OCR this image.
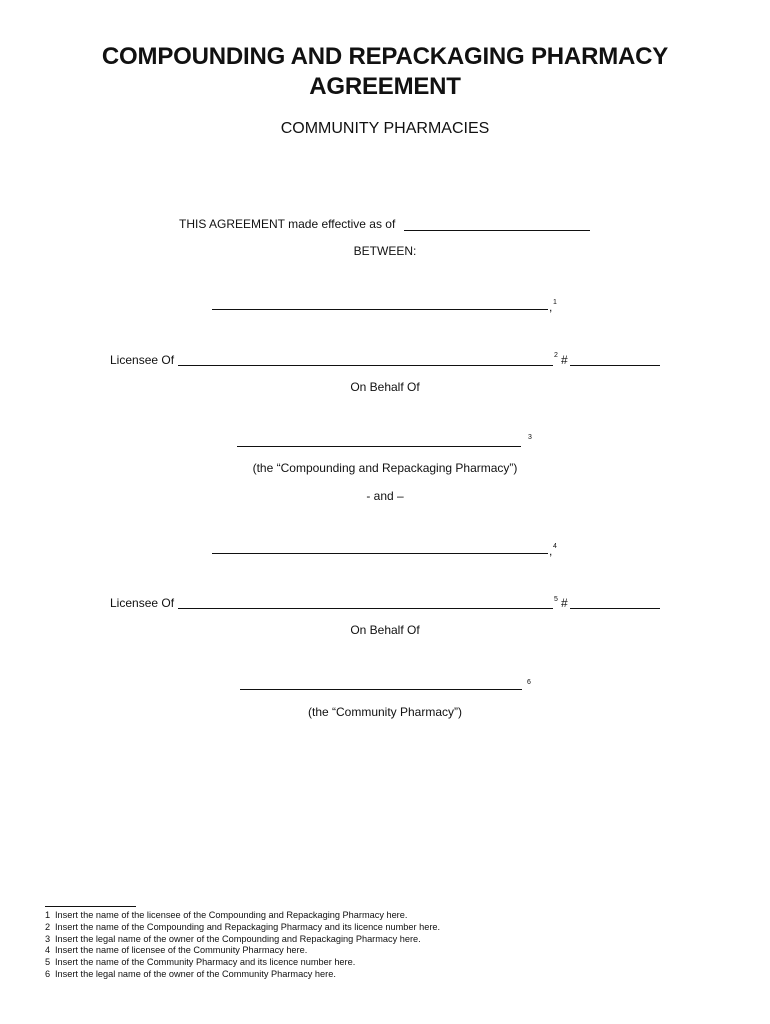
COMPOUNDING AND REPACKAGING PHARMACY
AGREEMENT
COMMUNITY PHARMACIES
THIS AGREEMENT made effective as of
BETWEEN:
, 1
Licensee Of	2 #
On Behalf Of
3
(the “Compounding and Repackaging Pharmacy”)
- and –
, 4
Licensee Of	5 #
On Behalf Of
6
(the “Community Pharmacy”)
1 Insert the name of the licensee of the Compounding and Repackaging Pharmacy here.
2 Insert the name of the Compounding and Repackaging Pharmacy and its licence number here.
3 Insert the legal name of the owner of the Compounding and Repackaging Pharmacy here.
4 Insert the name of licensee of the Community Pharmacy here.
5 Insert the name of the Community Pharmacy and its licence number here.
6 Insert the legal name of the owner of the Community Pharmacy here.
